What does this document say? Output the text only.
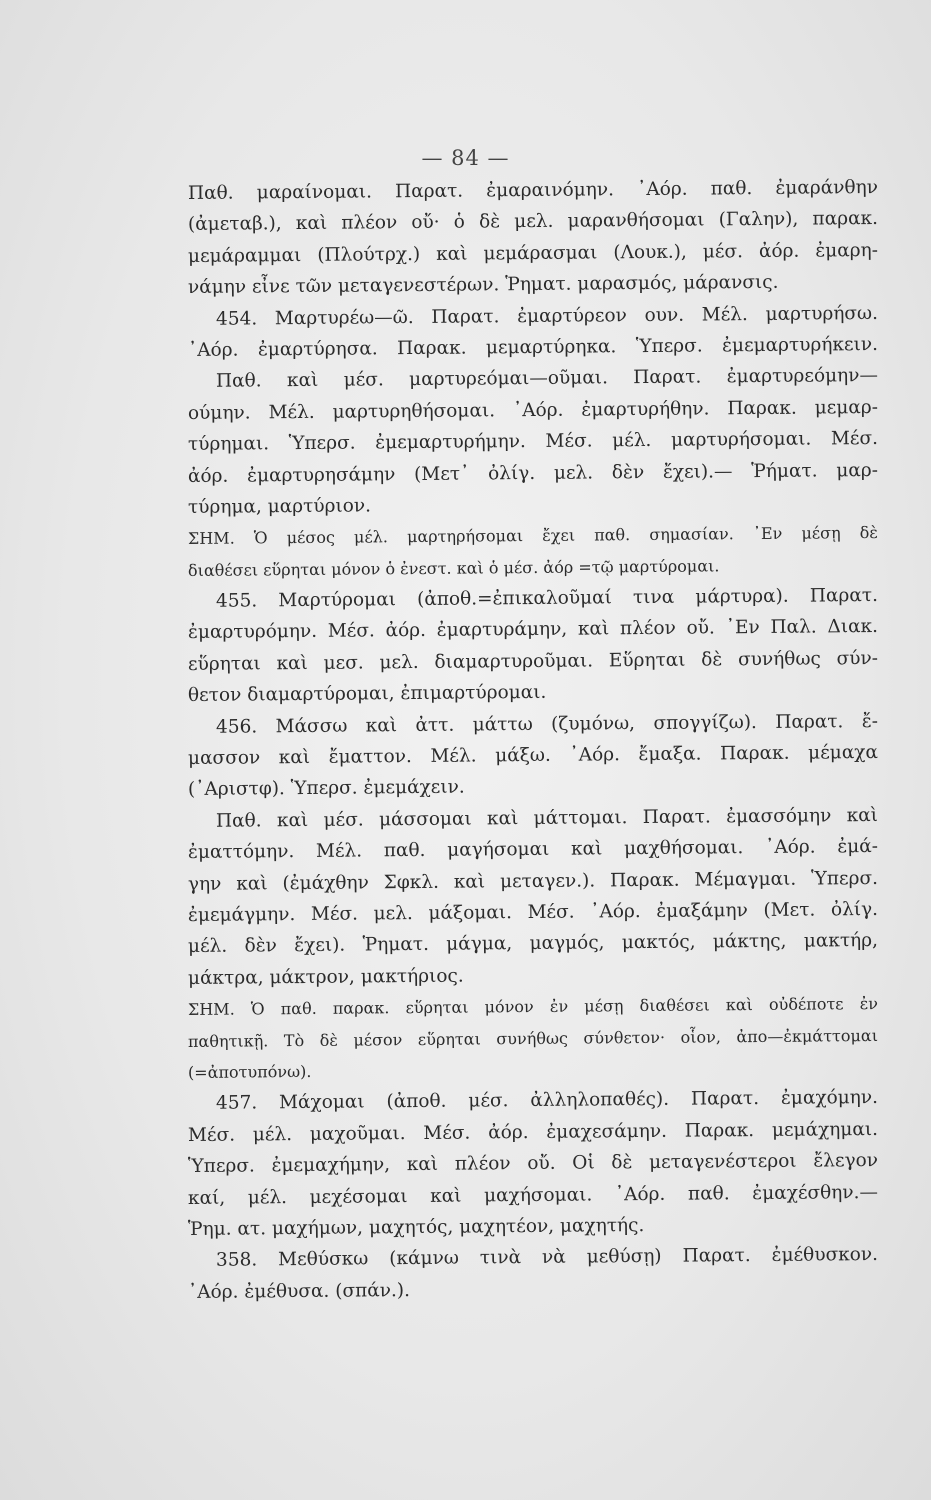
— 84 —
Παθ. μαραίνομαι. Παρατ. ἐμαραινόμην. ᾿Αόρ. παθ. ἐμαράνθην
(ἀμεταβ.), καὶ πλέον οὔ· ὁ δὲ μελ. μαρανθήσομαι (Γαλην), παρακ.
μεμάραμμαι (Πλούτρχ.) καὶ μεμάρασμαι (Λουκ.), μέσ. ἀόρ. ἐμαρη-
νάμην εἶνε τῶν μεταγενεστέρων. Ῥηματ. μαρασμός, μάρανσις.
454. Μαρτυρέω—ῶ. Παρατ. ἐμαρτύρεον ουν. Μέλ. μαρτυρήσω.
᾿Αόρ. ἐμαρτύρησα. Παρακ. μεμαρτύρηκα. Ὑπερσ. ἐμεμαρτυρήκειν.
Παθ. καὶ μέσ. μαρτυρεόμαι—οῦμαι. Παρατ. ἐμαρτυρεόμην—
ούμην. Μέλ. μαρτυρηθήσομαι. ᾿Αόρ. ἐμαρτυρήθην. Παρακ. μεμαρ-
τύρημαι. Ὑπερσ. ἐμεμαρτυρήμην. Μέσ. μέλ. μαρτυρήσομαι. Μέσ.
ἀόρ. ἐμαρτυρησάμην (Μετ᾿ ὀλίγ. μελ. δὲν ἔχει).— Ῥήματ. μαρ-
τύρημα, μαρτύριον.
ΣΗΜ. Ὁ μέσος μέλ. μαρτηρήσομαι ἔχει παθ. σημασίαν. ᾿Εν μέσῃ δὲ
διαθέσει εὕρηται μόνον ὁ ἐνεστ. καὶ ὁ μέσ. ἀόρ =τῷ μαρτύρομαι.
455. Μαρτύρομαι (ἀποθ.=ἐπικαλοῦμαί τινα μάρτυρα). Παρατ.
ἐμαρτυρόμην. Μέσ. ἀόρ. ἐμαρτυράμην, καὶ πλέον οὔ. ᾿Εν Παλ. Διακ.
εὕρηται καὶ μεσ. μελ. διαμαρτυροῦμαι. Εὕρηται δὲ συνήθως σύν-
θετον διαμαρτύρομαι, ἐπιμαρτύρομαι.
456. Μάσσω καὶ ἀττ. μάττω (ζυμόνω, σπογγίζω). Παρατ. ἔ-
μασσον καὶ ἔματτον. Μέλ. μάξω. ᾿Αόρ. ἔμαξα. Παρακ. μέμαχα
(᾿Αριστφ). Ὑπερσ. ἐμεμάχειν.
Παθ. καὶ μέσ. μάσσομαι καὶ μάττομαι. Παρατ. ἐμασσόμην καὶ
ἐματτόμην. Μέλ. παθ. μαγήσομαι καὶ μαχθήσομαι. ᾿Αόρ. ἐμά-
γην καὶ (ἐμάχθην Σφκλ. καὶ μεταγεν.). Παρακ. Μέμαγμαι. Ὑπερσ.
ἐμεμάγμην. Μέσ. μελ. μάξομαι. Μέσ. ᾿Αόρ. ἐμαξάμην (Μετ. ὀλίγ.
μέλ. δὲν ἔχει). Ῥηματ. μάγμα, μαγμός, μακτός, μάκτης, μακτήρ,
μάκτρα, μάκτρον, μακτήριος.
ΣΗΜ. Ὁ παθ. παρακ. εὕρηται μόνον ἐν μέσῃ διαθέσει καὶ οὐδέποτε ἐν
παθητικῇ. Τὸ δὲ μέσον εὕρηται συνήθως σύνθετον· οἷον, ἀπο—ἐκμάττομαι
(=ἀποτυπόνω).
457. Μάχομαι (ἀποθ. μέσ. ἀλληλοπαθές). Παρατ. ἐμαχόμην.
Μέσ. μέλ. μαχοῦμαι. Μέσ. ἀόρ. ἐμαχεσάμην. Παρακ. μεμάχημαι.
Ὑπερσ. ἐμεμαχήμην, καὶ πλέον οὔ. Οἱ δὲ μεταγενέστεροι ἔλεγον
καί, μέλ. μεχέσομαι καὶ μαχήσομαι. ᾿Αόρ. παθ. ἐμαχέσθην.—
Ῥημ. ατ. μαχήμων, μαχητός, μαχητέον, μαχητής.
358. Μεθύσκω (κάμνω τινὰ νὰ μεθύσῃ) Παρατ. ἐμέθυσκον.
᾿Αόρ. ἐμέθυσα. (σπάν.).
